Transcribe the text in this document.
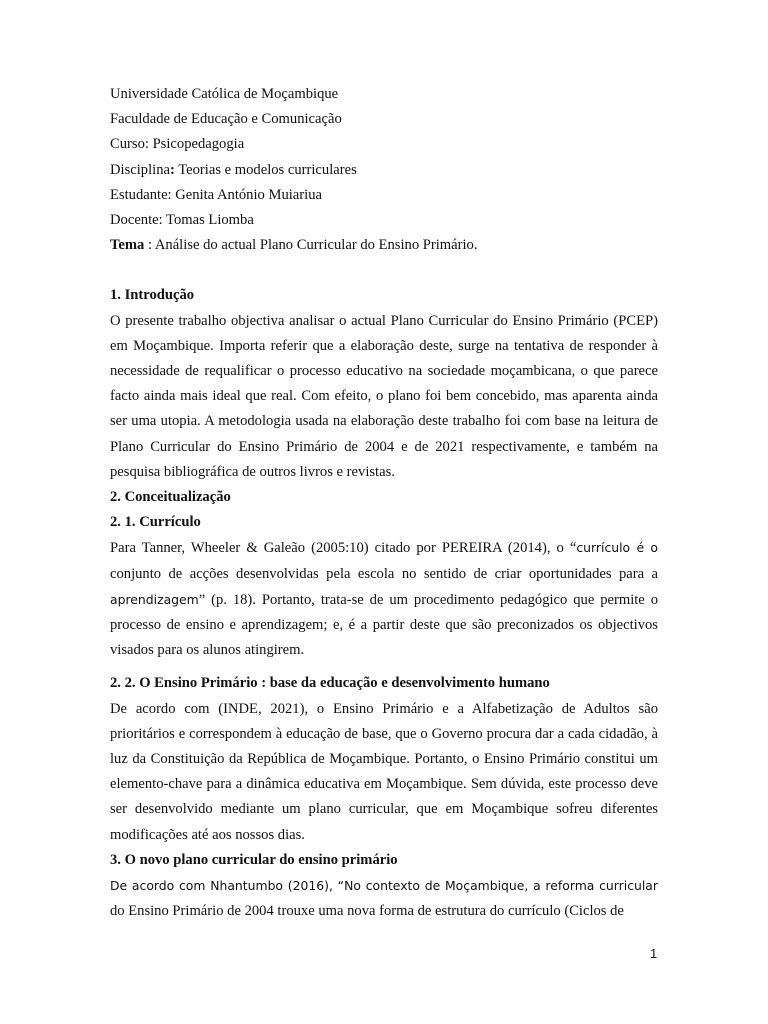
Universidade Católica de Moçambique
Faculdade de Educação e Comunicação
Curso: Psicopedagogia
Disciplina: Teorias e modelos curriculares
Estudante: Genita António Muiariua
Docente: Tomas Liomba
Tema : Análise do actual Plano Curricular do Ensino Primário.
1. Introdução
O presente trabalho objectiva analisar o actual Plano Curricular do Ensino Primário (PCEP) em Moçambique. Importa referir que a elaboração deste, surge na tentativa de responder à necessidade de requalificar o processo educativo na sociedade moçambicana, o que parece facto ainda mais ideal que real. Com efeito, o plano foi bem concebido, mas aparenta ainda ser uma utopia. A metodologia usada na elaboração deste trabalho foi com base na leitura de Plano Curricular do Ensino Primário de 2004 e de 2021 respectivamente, e também na pesquisa bibliográfica de outros livros e revistas.
2. Conceitualização
2. 1. Currículo
Para Tanner, Wheeler & Galeão (2005:10) citado por PEREIRA (2014), o “currículo é o conjunto de acções desenvolvidas pela escola no sentido de criar oportunidades para a aprendizagem” (p. 18). Portanto, trata-se de um procedimento pedagógico que permite o processo de ensino e aprendizagem; e, é a partir deste que são preconizados os objectivos visados para os alunos atingirem.
2. 2. O Ensino Primário : base da educação e desenvolvimento humano
De acordo com (INDE, 2021), o Ensino Primário e a Alfabetização de Adultos são prioritários e correspondem à educação de base, que o Governo procura dar a cada cidadão, à luz da Constituição da República de Moçambique. Portanto, o Ensino Primário constitui um elemento-chave para a dinâmica educativa em Moçambique. Sem dúvida, este processo deve ser desenvolvido mediante um plano curricular, que em Moçambique sofreu diferentes modificações até aos nossos dias.
3. O novo plano curricular do ensino primário
De acordo com Nhantumbo (2016), “No contexto de Moçambique, a reforma curricular do Ensino Primário de 2004 trouxe uma nova forma de estrutura do currículo (Ciclos de
1
